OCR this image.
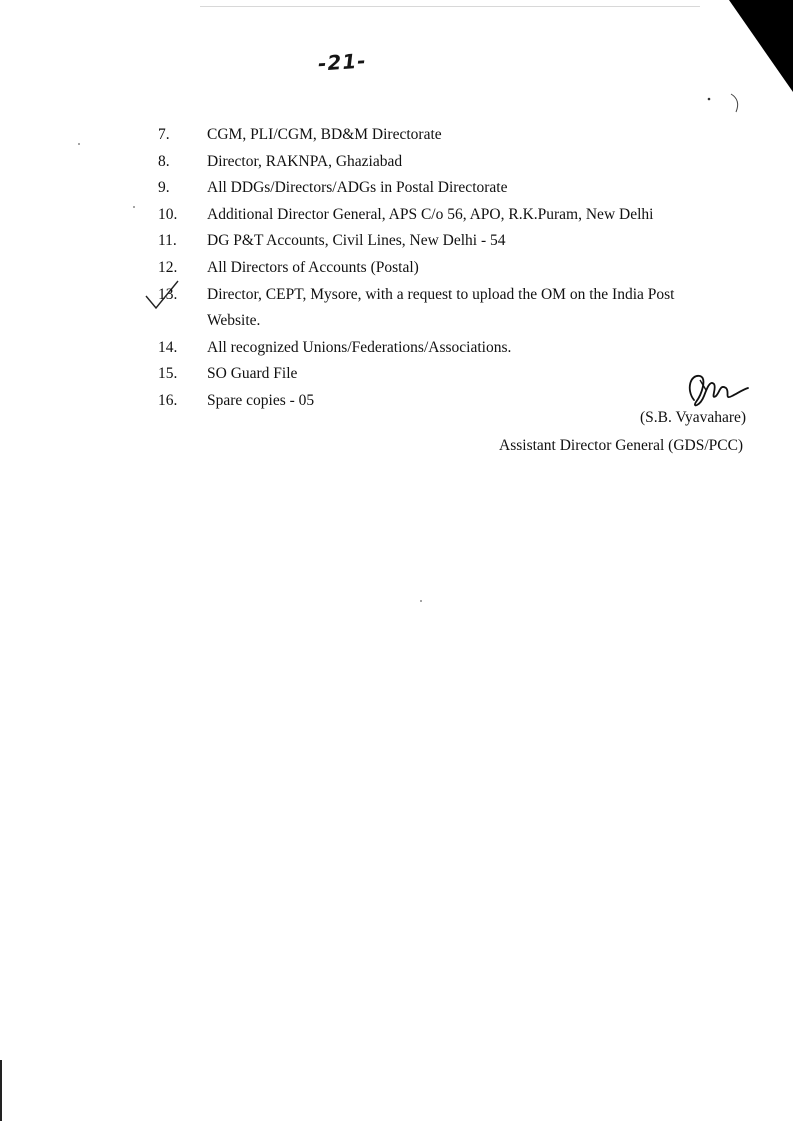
-21-
7.	CGM, PLI/CGM, BD&M Directorate
8.	Director, RAKNPA, Ghaziabad
9.	All DDGs/Directors/ADGs in Postal Directorate
10.	Additional Director General, APS C/o 56, APO, R.K.Puram, New Delhi
11.	DG P&T Accounts, Civil Lines, New Delhi - 54
12.	All Directors of Accounts (Postal)
13.	Director, CEPT, Mysore, with a request to upload the OM on the India Post Website.
14.	All recognized Unions/Federations/Associations.
15.	SO Guard File
16.	Spare copies - 05
(S.B. Vyavahare)
Assistant Director General (GDS/PCC)
